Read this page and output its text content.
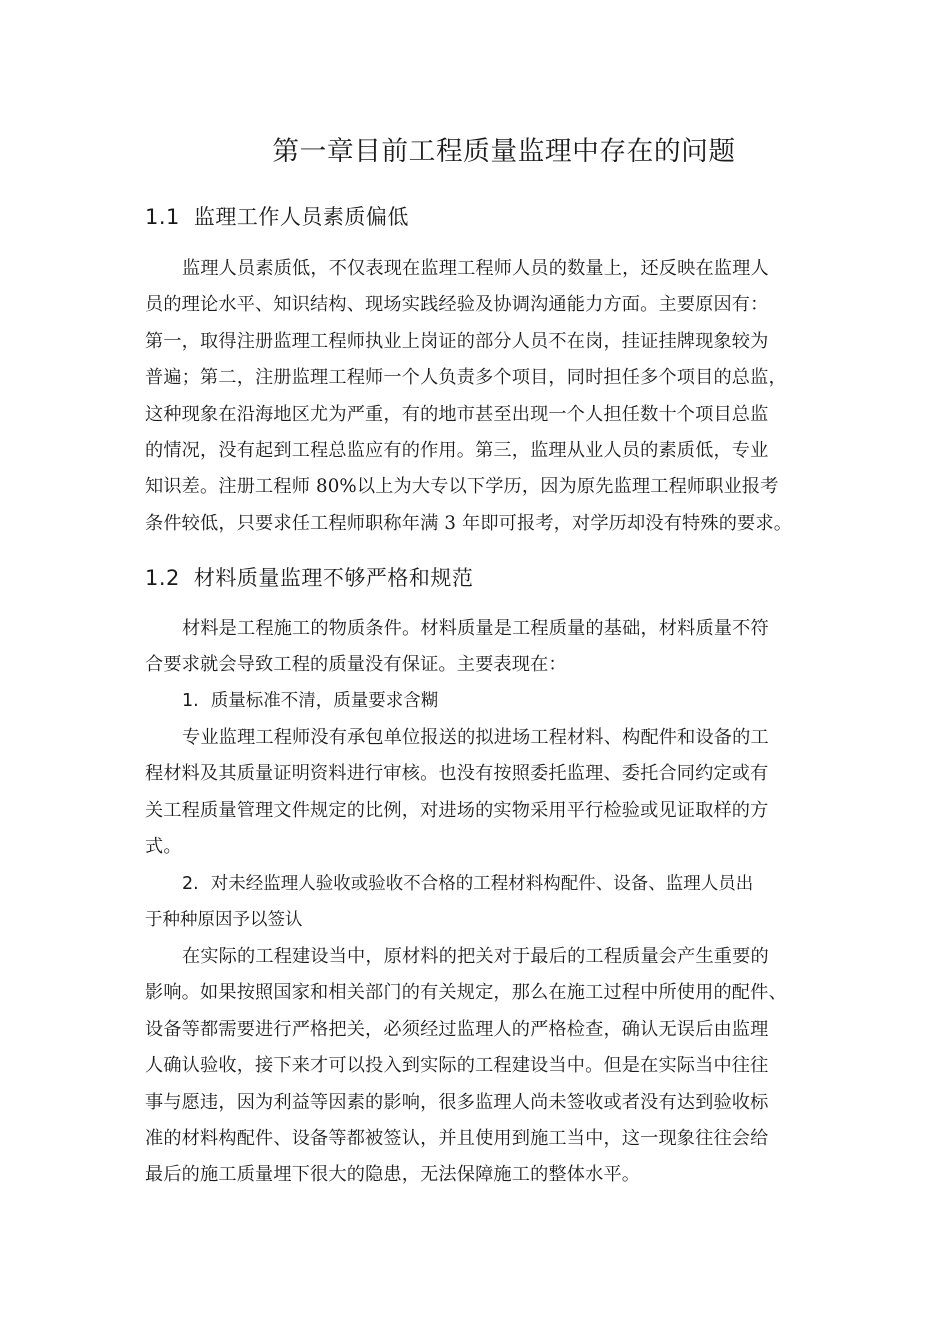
第一章目前工程质量监理中存在的问题
1.1 监理工作人员素质偏低
监理人员素质低，不仅表现在监理工程师人员的数量上，还反映在监理人
员的理论水平、知识结构、现场实践经验及协调沟通能力方面。主要原因有：
第一，取得注册监理工程师执业上岗证的部分人员不在岗，挂证挂牌现象较为
普遍；第二，注册监理工程师一个人负责多个项目，同时担任多个项目的总监，
这种现象在沿海地区尤为严重，有的地市甚至出现一个人担任数十个项目总监
的情况，没有起到工程总监应有的作用。第三，监理从业人员的素质低，专业
知识差。注册工程师 80%以上为大专以下学历，因为原先监理工程师职业报考
条件较低，只要求任工程师职称年满 3 年即可报考，对学历却没有特殊的要求。
1.2 材料质量监理不够严格和规范
材料是工程施工的物质条件。材料质量是工程质量的基础，材料质量不符
合要求就会导致工程的质量没有保证。主要表现在：
1. 质量标准不清，质量要求含糊
专业监理工程师没有承包单位报送的拟进场工程材料、构配件和设备的工
程材料及其质量证明资料进行审核。也没有按照委托监理、委托合同约定或有
关工程质量管理文件规定的比例，对进场的实物采用平行检验或见证取样的方
式。
2. 对未经监理人验收或验收不合格的工程材料构配件、设备、监理人员出
于种种原因予以签认
在实际的工程建设当中，原材料的把关对于最后的工程质量会产生重要的
影响。如果按照国家和相关部门的有关规定，那么在施工过程中所使用的配件、
设备等都需要进行严格把关，必须经过监理人的严格检查，确认无误后由监理
人确认验收，接下来才可以投入到实际的工程建设当中。但是在实际当中往往
事与愿违，因为利益等因素的影响，很多监理人尚未签收或者没有达到验收标
准的材料构配件、设备等都被签认，并且使用到施工当中，这一现象往往会给
最后的施工质量埋下很大的隐患，无法保障施工的整体水平。
